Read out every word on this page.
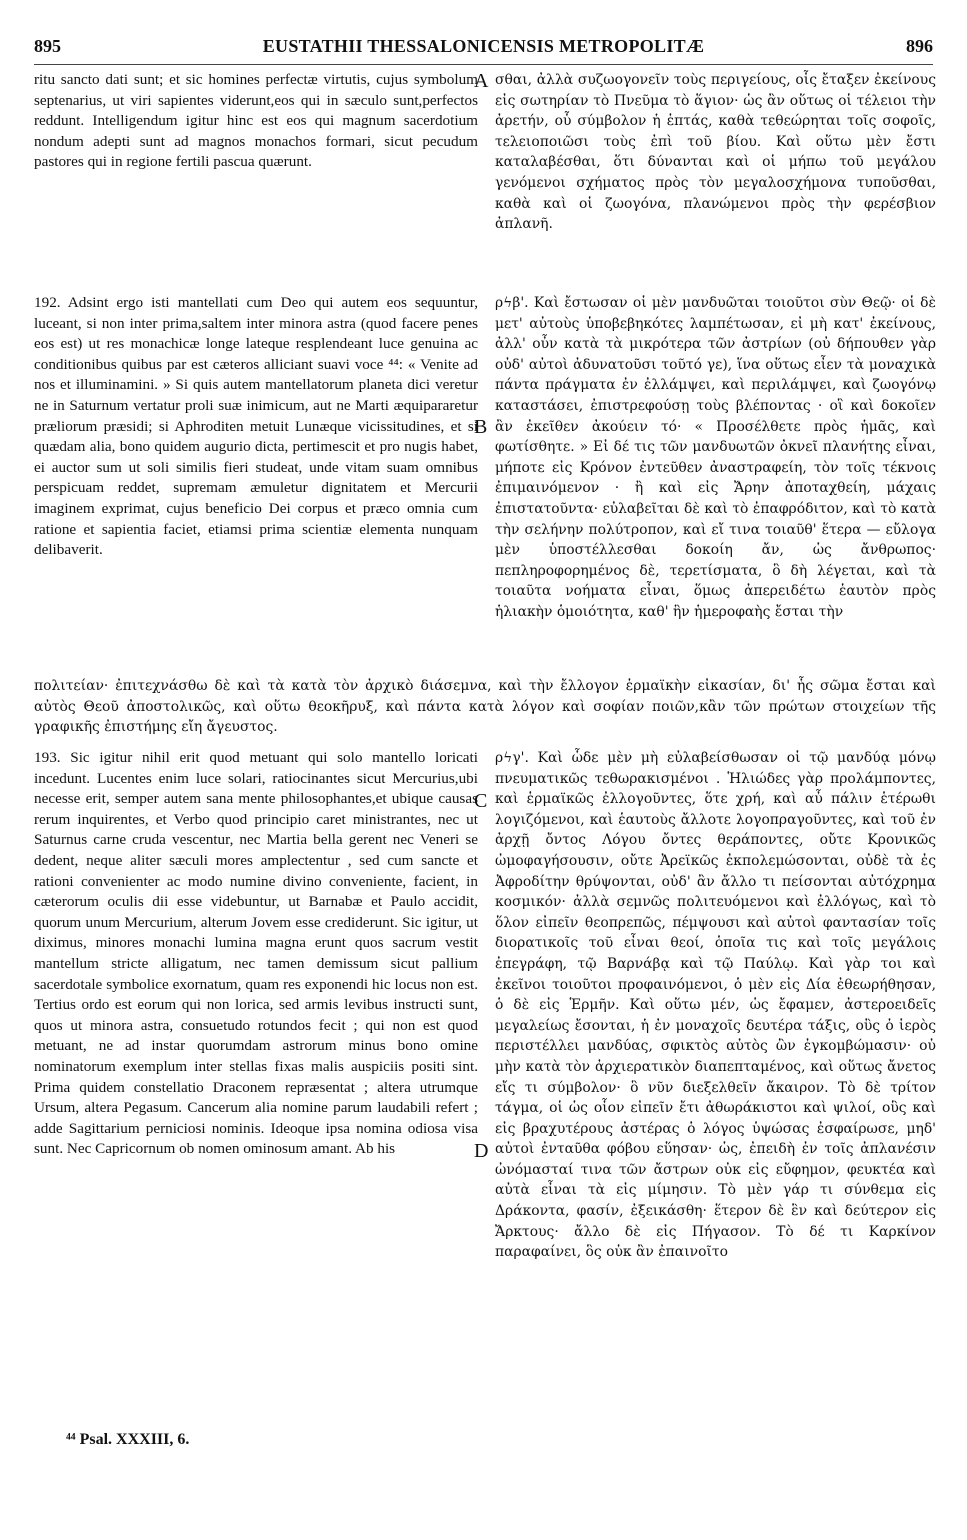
895	EUSTATHII THESSALONICENSIS METROPOLITÆ	896

ritu sancto dati sunt; et sic homines perfectæ virtutis, cujus symbolum septenarius, ut viri sapientes viderunt,eos qui in sæculo sunt,perfectos reddunt. Intelligendum igitur hinc est eos qui magnum sacerdotium nondum adepti sunt ad magnos monachos formari, sicut pecudum pastores qui in regione fertili pascua quærunt.

σθαι, ἀλλὰ συζωογονεῖν τοὺς περιγείους, οἷς ἔταξεν ἐκείνους εἰς σωτηρίαν τὸ Πνεῦμα τὸ ἅγιον· ὡς ἂν οὕτως οἱ τέλειοι τὴν ἀρετήν, οὗ σύμβολον ἡ ἑπτάς, καθὰ τεθεώρηται τοῖς σοφοῖς, τελειοποιῶσι τοὺς ἐπὶ τοῦ βίου. Καὶ οὕτω μὲν ἔστι καταλαβέσθαι, ὅτι δύνανται καὶ οἱ μήπω τοῦ μεγάλου γενόμενοι σχήματος πρὸς τὸν μεγαλοσχήμονα τυποῦσθαι, καθὰ καὶ οἱ ζωογόνα, πλανώμενοι πρὸς τὴν φερέσβιον ἀπλανῆ.

192. Adsint ergo isti mantellati cum Deo qui autem eos sequuntur, luceant, si non inter prima,saltem inter minora astra (quod facere penes eos est) ut res monachicæ longe lateque resplendeant luce genuina ac conditionibus quibus par est cæteros alliciant suavi voce ⁴⁴: « Venite ad nos et illuminamini. » Si quis autem mantellatorum planeta dici veretur ne in Saturnum vertatur proli suæ inimicum, aut ne Marti æquipararetur præliorum præsidi; si Aphroditen metuit Lunæque vicissitudines, et si quædam alia, bono quidem augurio dicta, pertimescit et pro nugis habet, ei auctor sum ut soli similis fieri studeat, unde vitam suam omnibus perspicuam reddet, supremam æmuletur dignitatem et Mercurii imaginem exprimat, cujus beneficio Dei corpus et præco omnia cum ratione et sapientia faciet, etiamsi prima scientiæ elementa nunquam delibaverit.

ρϟβ'. Καὶ ἔστωσαν οἱ μὲν μανδυῶται τοιοῦτοι σὺν Θεῷ· οἱ δὲ μετ' αὐτοὺς ὑποβεβηκότες λαμπέτωσαν, εἰ μὴ κατ' ἐκείνους, ἀλλ' οὖν κατὰ τὰ μικρότερα τῶν ἀστρίων (οὐ δήπουθεν γὰρ οὐδ' αὐτοὶ ἀδυνατοῦσι τοῦτό γε), ἵνα οὕτως εἶεν τὰ μοναχικὰ πάντα πράγματα ἐν ἐλλάμψει, καὶ περιλάμψει, καὶ ζωογόνῳ καταστάσει, ἐπιστρεφούσῃ τοὺς βλέποντας · οἳ καὶ δοκοῖεν ἂν ἐκεῖθεν ἀκούειν τό· « Προσέλθετε πρὸς ἡμᾶς, καὶ φωτίσθητε. » Εἰ δέ τις τῶν μανδυωτῶν ὀκνεῖ πλανήτης εἶναι, μήποτε εἰς Κρόνον ἐντεῦθεν ἀναστραφείη, τὸν τοῖς τέκνοις ἐπιμαινόμενον · ἢ καὶ εἰς Ἄρην ἀποταχθείη, μάχαις ἐπιστατοῦντα· εὐλαβεῖται δὲ καὶ τὸ ἐπαφρόδιτον, καὶ τὸ κατὰ τὴν σελήνην πολύτροπον, καὶ εἴ τινα τοιαῦθ' ἕτερα — εὔλογα μὲν ὑποστέλλεσθαι δοκοίη ἄν, ὡς ἄνθρωπος· πεπληροφορημένος δὲ, τερετίσματα, ὃ δὴ λέγεται, καὶ τὰ τοιαῦτα νοήματα εἶναι, ὅμως ἀπερειδέτω ἑαυτὸν πρὸς ἡλιακὴν ὁμοιότητα, καθ' ἣν ἡμεροφαὴς ἔσται τὴν

πολιτείαν· ἐπιτεχνάσθω δὲ καὶ τὰ κατὰ τὸν ἀρχικὸ διάσεμνα, καὶ τὴν ἔλλογον ἑρμαϊκὴν εἰκασίαν, δι' ἧς σῶμα ἔσται καὶ αὐτὸς Θεοῦ ἀποστολικῶς, καὶ οὕτω θεοκῆρυξ, καὶ πάντα κατὰ λόγον καὶ σοφίαν ποιῶν,κἂν τῶν πρώτων στοιχείων τῆς γραφικῆς ἐπιστήμης εἴη ἄγευστος.

193. Sic igitur nihil erit quod metuant qui solo mantello loricati incedunt. Lucentes enim luce solari, ratiocinantes sicut Mercurius,ubi necesse erit, semper autem sana mente philosophantes,et ubique causas rerum inquirentes, et Verbo quod principio caret ministrantes, nec ut Saturnus carne cruda vescentur, nec Martia bella gerent nec Veneri se dedent, neque aliter sæculi mores amplectentur , sed cum sancte et rationi convenienter ac modo numine divino conveniente, facient, in cæterorum oculis dii esse videbuntur, ut Barnabæ et Paulo accidit, quorum unum Mercurium, alterum Jovem esse crediderunt. Sic igitur, ut diximus, minores monachi lumina magna erunt quos sacrum vestit mantellum stricte alligatum, nec tamen demissum sicut pallium sacerdotale symbolice exornatum, quam res exponendi hic locus non est. Tertius ordo est eorum qui non lorica, sed armis levibus instructi sunt, quos ut minora astra, consuetudo rotundos fecit ; qui non est quod metuant, ne ad instar quorumdam astrorum minus bono omine nominatorum exemplum inter stellas fixas malis auspiciis positi sint. Prima quidem constellatio Draconem repræsentat ; altera utrumque Ursum, altera Pegasum. Cancerum alia nomine parum laudabili refert ; adde Sagittarium perniciosi nominis. Ideoque ipsa nomina odiosa visa sunt. Nec Capricornum ob nomen ominosum amant. Ab his

ρϟγ'. Καὶ ὧδε μὲν μὴ εὐλαβείσθωσαν οἱ τῷ μανδύᾳ μόνῳ πνευματικῶς τεθωρακισμένοι . Ἡλιώδες γὰρ προλάμποντες, καὶ ἑρμαϊκῶς ἐλλογοῦντες, ὅτε χρή, καὶ αὖ πάλιν ἑτέρωθι λογιζόμενοι, καὶ ἑαυτοὺς ἄλλοτε λογοπραγοῦντες, καὶ τοῦ ἐν ἀρχῇ ὄντος Λόγου ὄντες θεράποντες, οὔτε Κρονικῶς ὠμοφαγήσουσιν, οὔτε Ἀρεϊκῶς ἐκπολεμώσονται, οὐδὲ τὰ ἐς Ἀφροδίτην θρύψονται, οὐδ' ἂν ἄλλο τι πείσονται αὐτόχρημα κοσμικόν· ἀλλὰ σεμνῶς πολιτευόμενοι καὶ ἐλλόγως, καὶ τὸ ὅλον εἰπεῖν θεοπρεπῶς, πέμψουσι καὶ αὐτοὶ φαντασίαν τοῖς διορατικοῖς τοῦ εἶναι θεοί, ὁποῖα τις καὶ τοῖς μεγάλοις ἐπεγράφη, τῷ Βαρνάβᾳ καὶ τῷ Παύλῳ. Καὶ γὰρ τοι καὶ ἐκεῖνοι τοιοῦτοι προφαινόμενοι, ὁ μὲν εἰς Δία ἐθεωρήθησαν, ὁ δὲ εἰς Ἑρμῆν. Καὶ οὕτω μέν, ὡς ἔφαμεν, ἀστεροειδεῖς μεγαλείως ἔσονται, ἡ ἐν μοναχοῖς δευτέρα τάξις, οὓς ὁ ἱερὸς περιστέλλει μανδύας, σφικτὸς αὐτὸς ὢν ἐγκομβώμασιν· οὐ μὴν κατὰ τὸν ἀρχιερατικὸν διαπεπταμένος, καὶ οὕτως ἄνετος εἴς τι σύμβολον· ὃ νῦν διεξελθεῖν ἄκαιρον. Τὸ δὲ τρίτον τάγμα, οἱ ὡς οἷον εἰπεῖν ἔτι ἀθωράκιστοι καὶ ψιλοί, οὓς καὶ εἰς βραχυτέρους ἀστέρας ὁ λόγος ὑψώσας ἐσφαίρωσε, μηδ' αὐτοὶ ἐνταῦθα φόβου εὕησαν· ὡς, ἐπειδὴ ἐν τοῖς ἀπλανέσιν ὠνόμασταί τινα τῶν ἄστρων οὐκ εἰς εὔφημον, φευκτέα καὶ αὐτὰ εἶναι τὰ εἰς μίμησιν. Τὸ μὲν γάρ τι σύνθεμα εἰς Δράκοντα, φασίν, ἐξεικάσθη· ἕτερον δὲ ἓν καὶ δεύτερον εἰς Ἄρκτους· ἄλλο δὲ εἰς Πήγασον. Τὸ δέ τι Καρκίνον παραφαίνει, ὃς οὐκ ἂν ἐπαινοῖτο

A
B
C
D
⁴⁴ Psal. XXXIII, 6.
